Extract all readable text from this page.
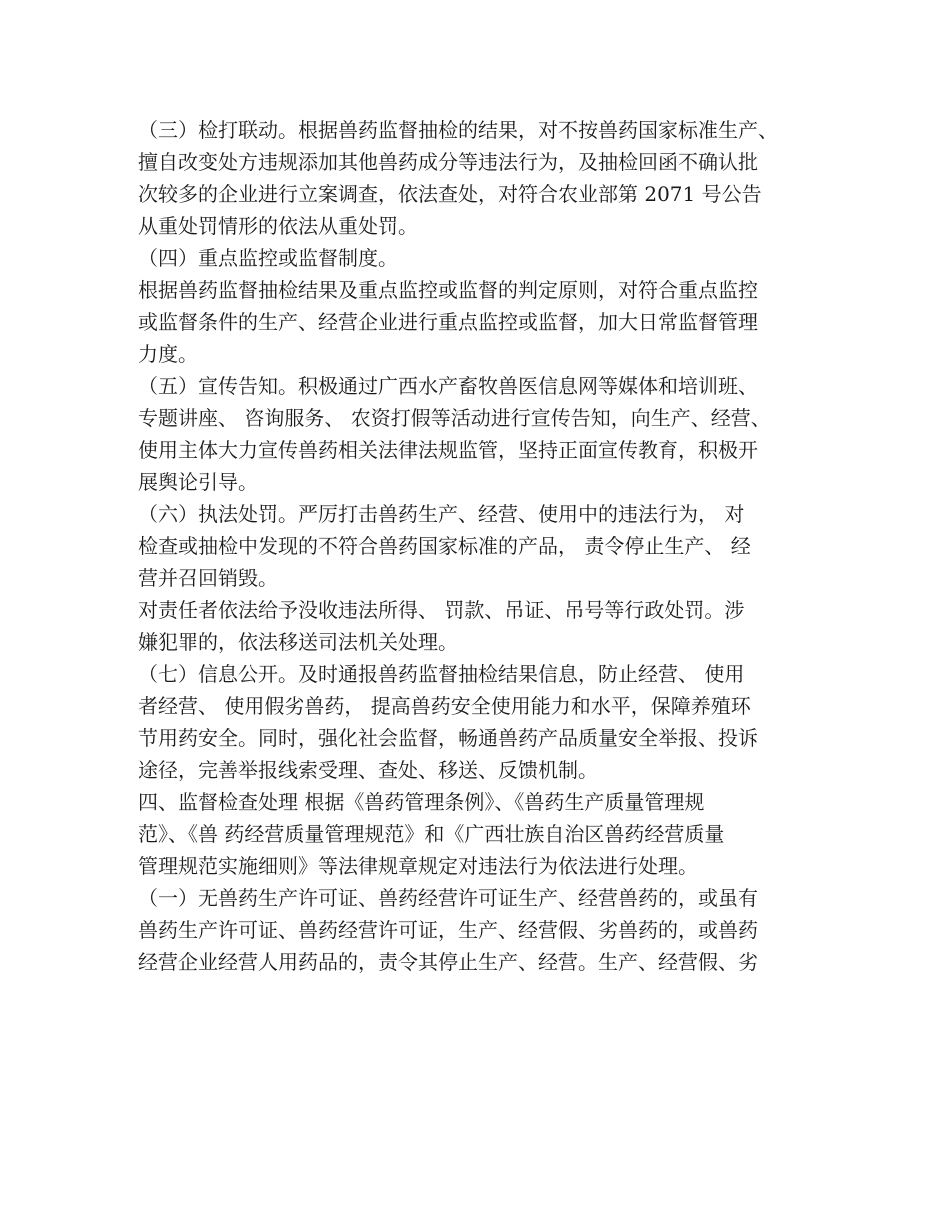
（三）检打联动。根据兽药监督抽检的结果，对不按兽药国家标准生产、
擅自改变处方违规添加其他兽药成分等违法行为，及抽检回函不确认批
次较多的企业进行立案调查，依法查处，对符合农业部第 2071 号公告
从重处罚情形的依法从重处罚。
（四）重点监控或监督制度。
根据兽药监督抽检结果及重点监控或监督的判定原则，对符合重点监控
或监督条件的生产、经营企业进行重点监控或监督，加大日常监督管理
力度。
（五）宣传告知。积极通过广西水产畜牧兽医信息网等媒体和培训班、
专题讲座、 咨询服务、 农资打假等活动进行宣传告知，向生产、经营、
使用主体大力宣传兽药相关法律法规监管，坚持正面宣传教育，积极开
展舆论引导。
（六）执法处罚。严厉打击兽药生产、经营、使用中的违法行为， 对
检查或抽检中发现的不符合兽药国家标准的产品， 责令停止生产、 经
营并召回销毁。
对责任者依法给予没收违法所得、 罚款、吊证、吊号等行政处罚。涉
嫌犯罪的，依法移送司法机关处理。
（七）信息公开。及时通报兽药监督抽检结果信息，防止经营、 使用
者经营、 使用假劣兽药， 提高兽药安全使用能力和水平，保障养殖环
节用药安全。同时，强化社会监督，畅通兽药产品质量安全举报、投诉
途径，完善举报线索受理、查处、移送、反馈机制。
四、监督检查处理 根据《兽药管理条例》、《兽药生产质量管理规
范》、《兽 药经营质量管理规范》和《广西壮族自治区兽药经营质量
管理规范实施细则》等法律规章规定对违法行为依法进行处理。
（一）无兽药生产许可证、兽药经营许可证生产、经营兽药的，或虽有
兽药生产许可证、兽药经营许可证，生产、经营假、劣兽药的，或兽药
经营企业经营人用药品的，责令其停止生产、经营。生产、经营假、劣
